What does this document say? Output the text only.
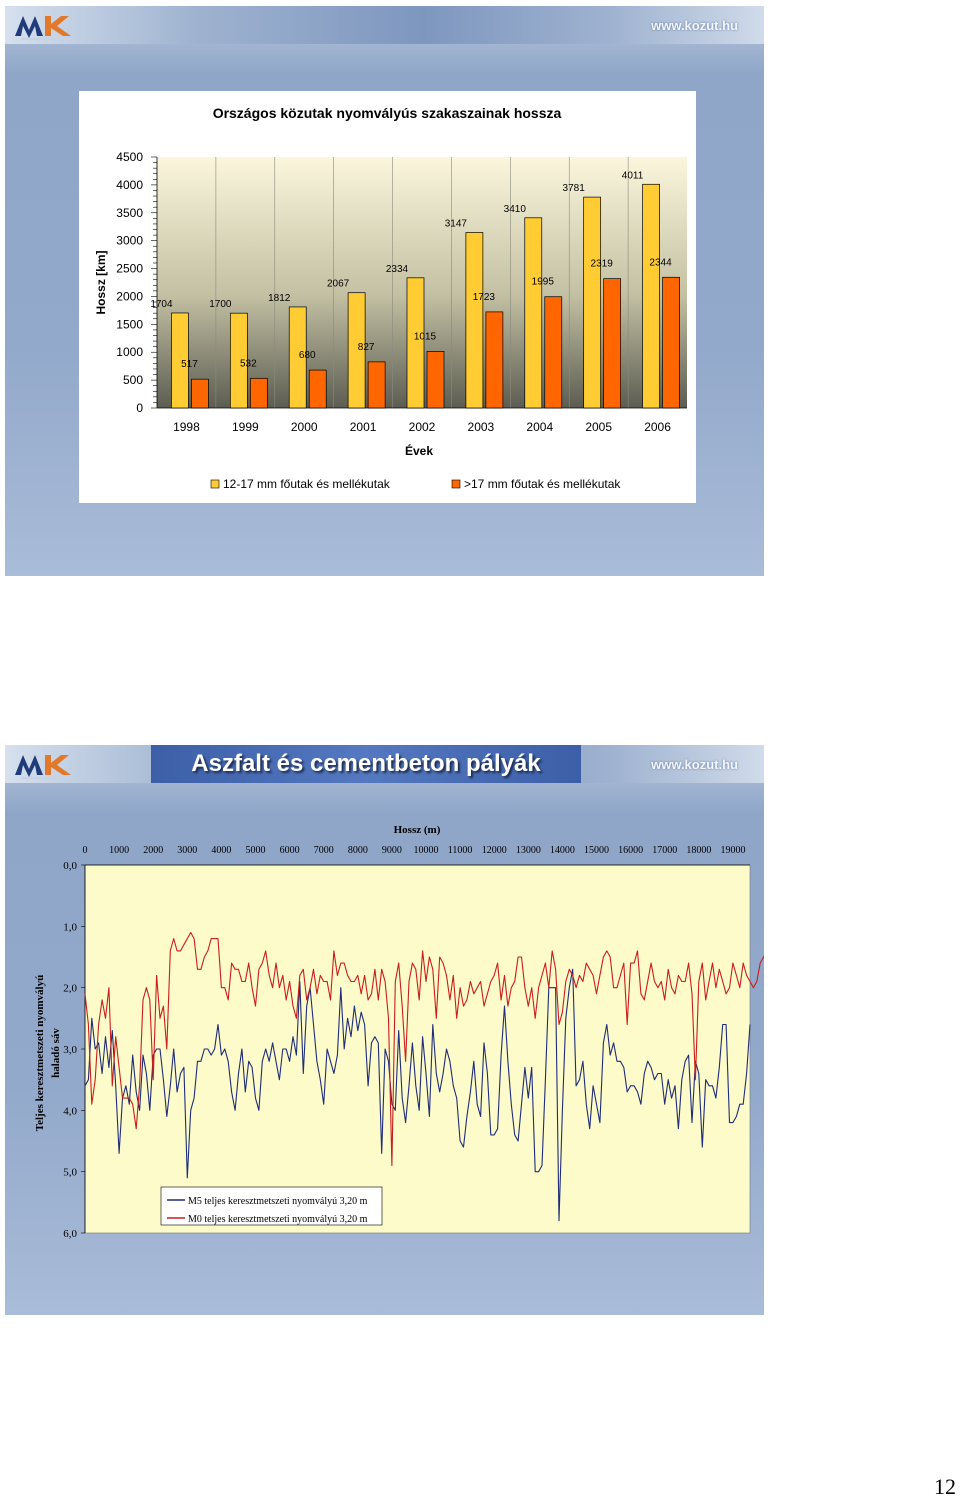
www.kozut.hu
Országos közutak nyomvályús szakaszainak hossza
0
500
1000
1500
2000
2500
3000
3500
4000
4500
Hossz [km]
1998
1704
517
1999
1700
532
2000
1812
680
2001
2067
827
2002
2334
1015
2003
3147
1723
2004
3410
1995
2005
3781
2319
2006
4011
2344
Évek
12-17 mm főutak és mellékutak	>17 mm főutak és mellékutak
Aszfalt és cementbeton pályák	www.kozut.hu
Hossz (m)
0 1000 2000 3000 4000 5000 6000 7000 8000 9000 10000 11000 12000 13000 14000 15000 16000 17000 18000 19000
0,0
1,0
2,0
3,0
4,0
5,0
6,0
Teljes keresztmetszeti nyomvályú haladó sáv
M5 teljes keresztmetszeti nyomvályú 3,20 m
M0 teljes keresztmetszeti nyomvályú 3,20 m
12
